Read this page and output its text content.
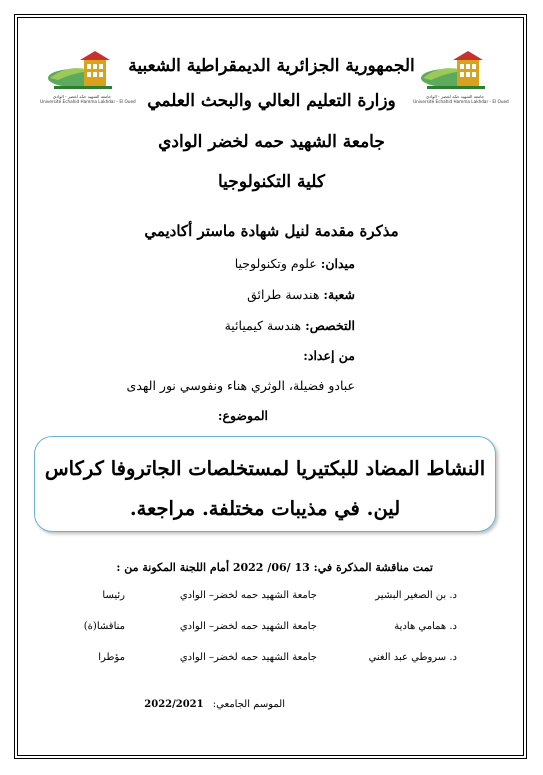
جامعة الشهيد حمّه لخضر - الوادي
Université Echahid Hamma Lakhdar - El Oued
جامعة الشهيد حمّه لخضر - الوادي
Université Echahid Hamma Lakhdar - El Oued
الجمهورية الجزائرية الديمقراطية الشعبية
وزارة التعليم العالي والبحث العلمي
جامعة الشهيد حمه لخضر الوادي
كلية التكنولوجيا
مذكرة مقدمة لنيل شهادة ماستر أكاديمي
ميدان: علوم وتكنولوجيا
شعبة: هندسة طرائق
التخصص: هندسة كيميائية
من إعداد:
عبادو فضيلة، الوثري هناء ونفوسي نور الهدى
الموضوع:
النشاط المضاد للبكتيريا لمستخلصات الجاتروفا كركاس
لين. في مذيبات مختلفة. مراجعة.
تمت مناقشة المذكرة في: 13 /06/ 2022 أمام اللجنة المكونة من :
د. بن الصغير البشير
جامعة الشهيد حمه لخضر– الوادي
رئيسا
د. همامي هادية
جامعة الشهيد حمه لخضر– الوادي
مناقشا(ة)
د. سروطي عبد الغني
جامعة الشهيد حمه لخضر– الوادي
مؤطرا
الموسم الجامعي: 2022/2021
